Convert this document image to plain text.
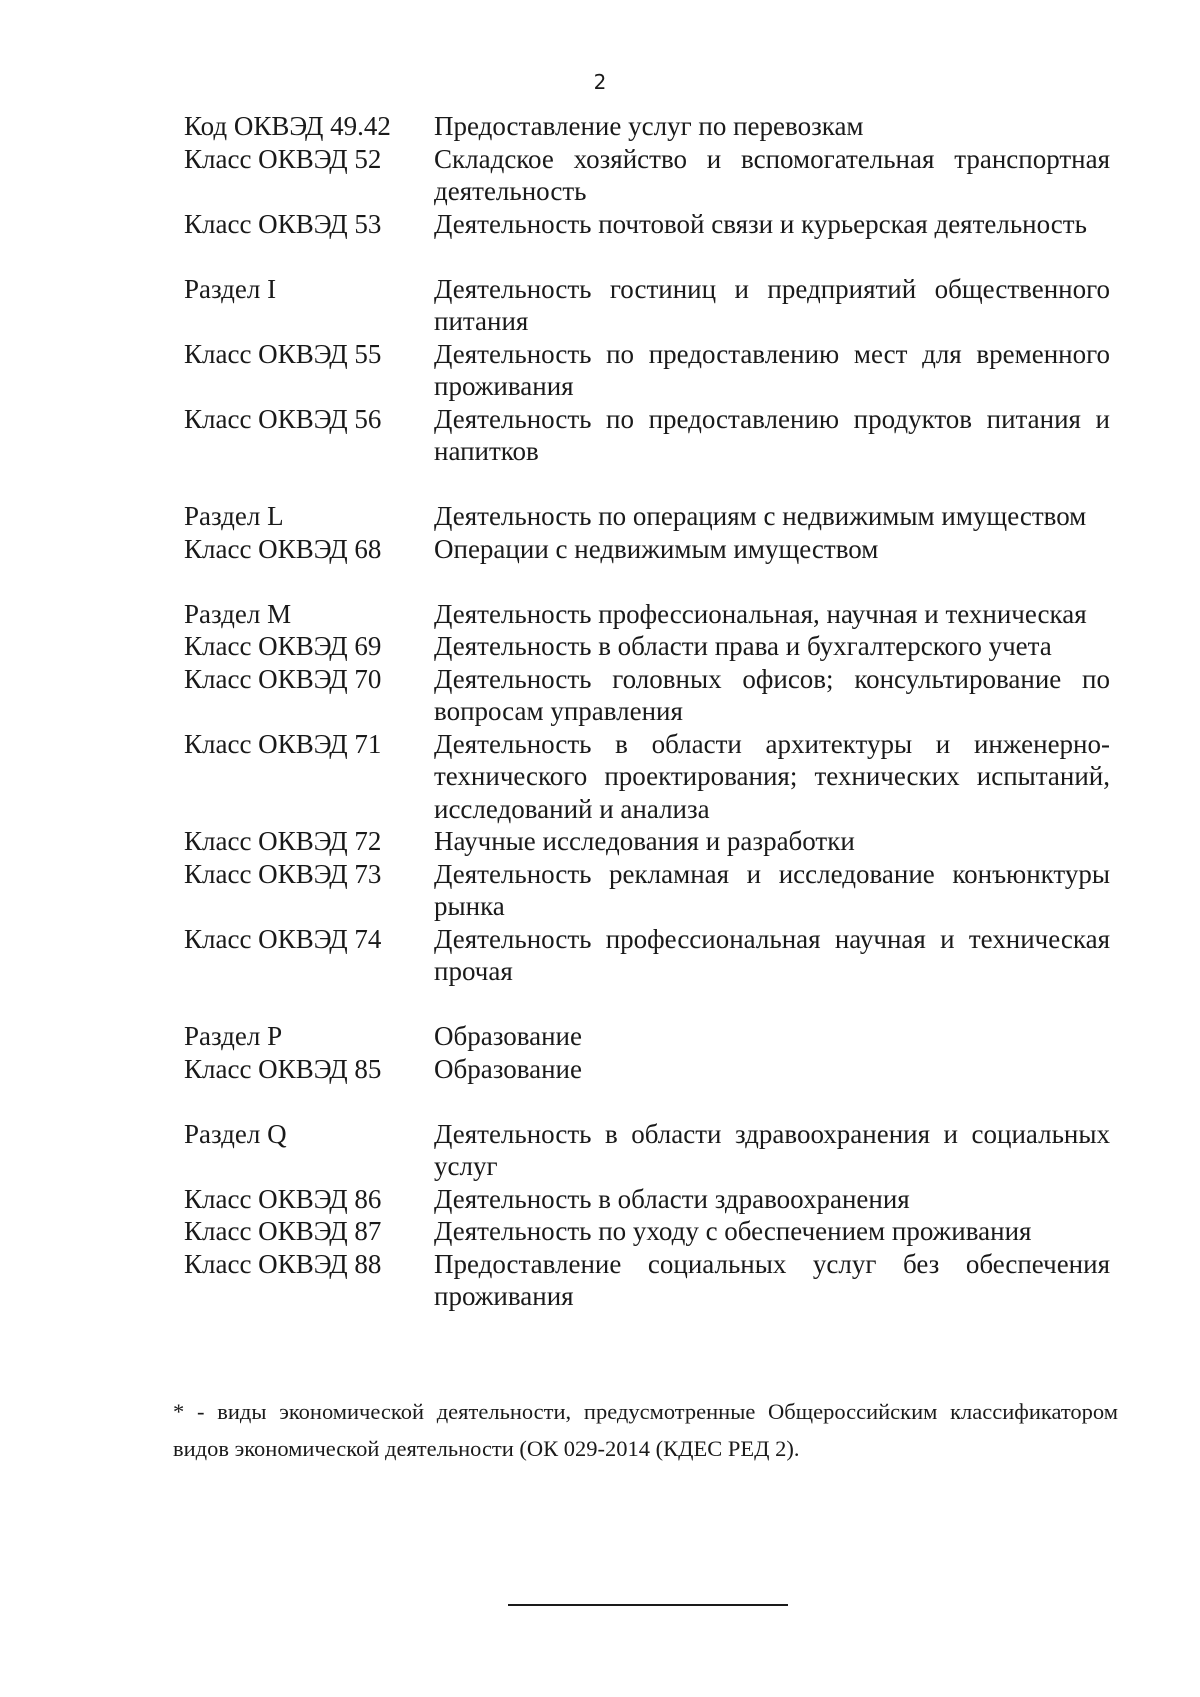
2
Код ОКВЭД 49.42	Предоставление услуг по перевозкам
Класс ОКВЭД 52	Складское хозяйство и вспомогательная транспортная деятельность
Класс ОКВЭД 53	Деятельность почтовой связи и курьерская деятельность
Раздел I	Деятельность гостиниц и предприятий общественного питания
Класс ОКВЭД 55	Деятельность по предоставлению мест для временного проживания
Класс ОКВЭД 56	Деятельность по предоставлению продуктов питания и напитков
Раздел L	Деятельность по операциям с недвижимым имуществом
Класс ОКВЭД 68	Операции с недвижимым имуществом
Раздел M	Деятельность профессиональная, научная и техническая
Класс ОКВЭД 69	Деятельность в области права и бухгалтерского учета
Класс ОКВЭД 70	Деятельность головных офисов; консультирование по вопросам управления
Класс ОКВЭД 71	Деятельность в области архитектуры и инженерно-технического проектирования; технических испытаний, исследований и анализа
Класс ОКВЭД 72	Научные исследования и разработки
Класс ОКВЭД 73	Деятельность рекламная и исследование конъюнктуры рынка
Класс ОКВЭД 74	Деятельность профессиональная научная и техническая прочая
Раздел P	Образование
Класс ОКВЭД 85	Образование
Раздел Q	Деятельность в области здравоохранения и социальных услуг
Класс ОКВЭД 86	Деятельность в области здравоохранения
Класс ОКВЭД 87	Деятельность по уходу с обеспечением проживания
Класс ОКВЭД 88	Предоставление социальных услуг без обеспечения проживания
* - виды экономической деятельности, предусмотренные Общероссийским классификатором видов экономической деятельности (ОК 029-2014 (КДЕС РЕД 2).
